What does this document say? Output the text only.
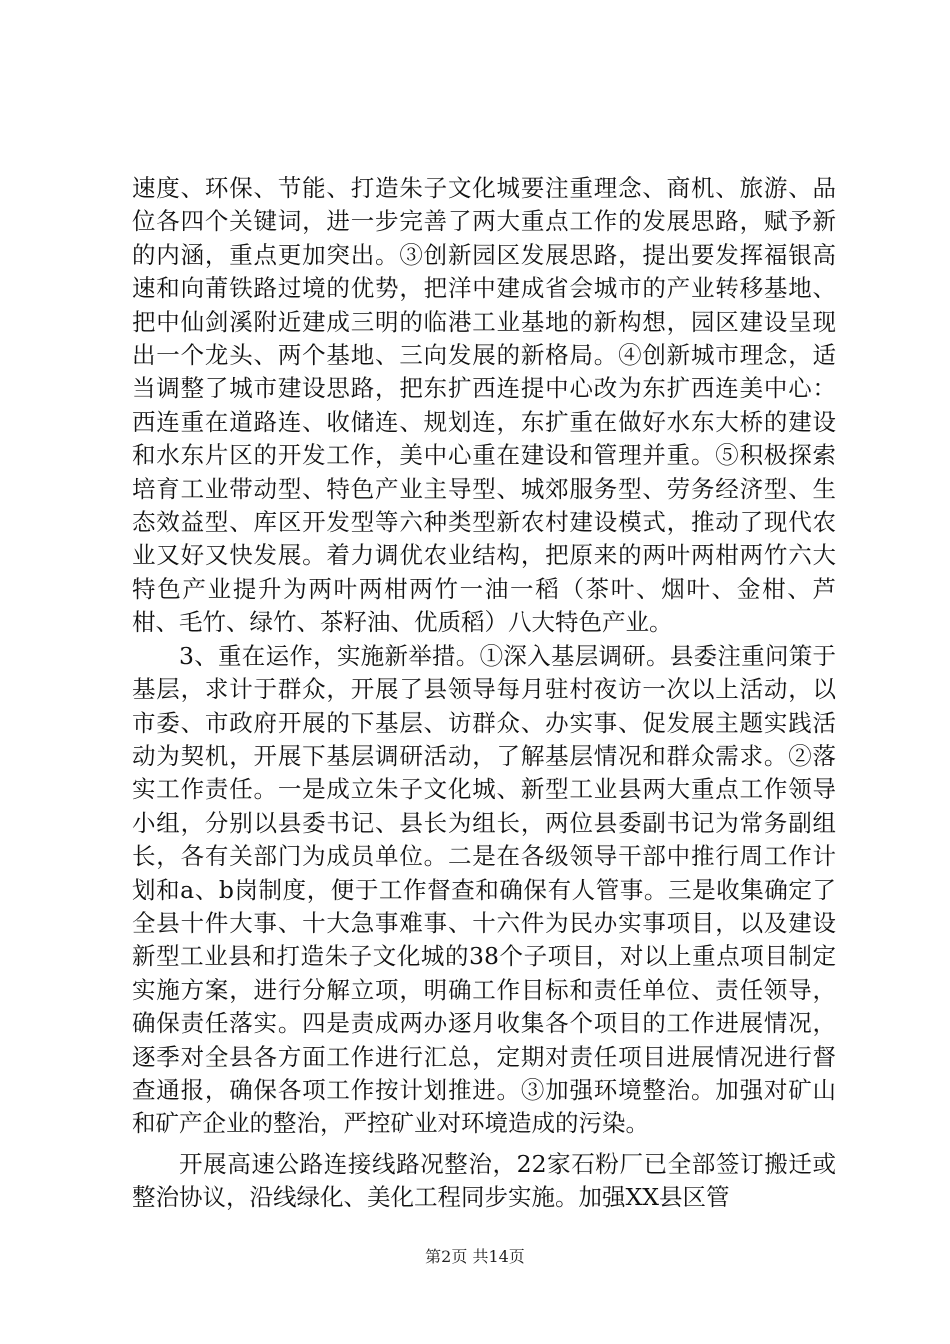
速度、环保、节能、打造朱子文化城要注重理念、商机、旅游、品位各四个关键词，进一步完善了两大重点工作的发展思路，赋予新的内涵，重点更加突出。③创新园区发展思路，提出要发挥福银高速和向莆铁路过境的优势，把洋中建成省会城市的产业转移基地、把中仙剑溪附近建成三明的临港工业基地的新构想，园区建设呈现出一个龙头、两个基地、三向发展的新格局。④创新城市理念，适当调整了城市建设思路，把东扩西连提中心改为东扩西连美中心：西连重在道路连、收储连、规划连，东扩重在做好水东大桥的建设和水东片区的开发工作，美中心重在建设和管理并重。⑤积极探索培育工业带动型、特色产业主导型、城郊服务型、劳务经济型、生态效益型、库区开发型等六种类型新农村建设模式，推动了现代农业又好又快发展。着力调优农业结构，把原来的两叶两柑两竹六大特色产业提升为两叶两柑两竹一油一稻（茶叶、烟叶、金柑、芦柑、毛竹、绿竹、茶籽油、优质稻）八大特色产业。

3、重在运作，实施新举措。①深入基层调研。县委注重问策于基层，求计于群众，开展了县领导每月驻村夜访一次以上活动，以市委、市政府开展的下基层、访群众、办实事、促发展主题实践活动为契机，开展下基层调研活动，了解基层情况和群众需求。②落实工作责任。一是成立朱子文化城、新型工业县两大重点工作领导小组，分别以县委书记、县长为组长，两位县委副书记为常务副组长，各有关部门为成员单位。二是在各级领导干部中推行周工作计划和a、b岗制度，便于工作督查和确保有人管事。三是收集确定了全县十件大事、十大急事难事、十六件为民办实事项目，以及建设新型工业县和打造朱子文化城的38个子项目，对以上重点项目制定实施方案，进行分解立项，明确工作目标和责任单位、责任领导，确保责任落实。四是责成两办逐月收集各个项目的工作进展情况，逐季对全县各方面工作进行汇总，定期对责任项目进展情况进行督查通报，确保各项工作按计划推进。③加强环境整治。加强对矿山和矿产企业的整治，严控矿业对环境造成的污染。

开展高速公路连接线路况整治，22家石粉厂已全部签订搬迁或整治协议，沿线绿化、美化工程同步实施。加强XX县区管

第2页 共14页
